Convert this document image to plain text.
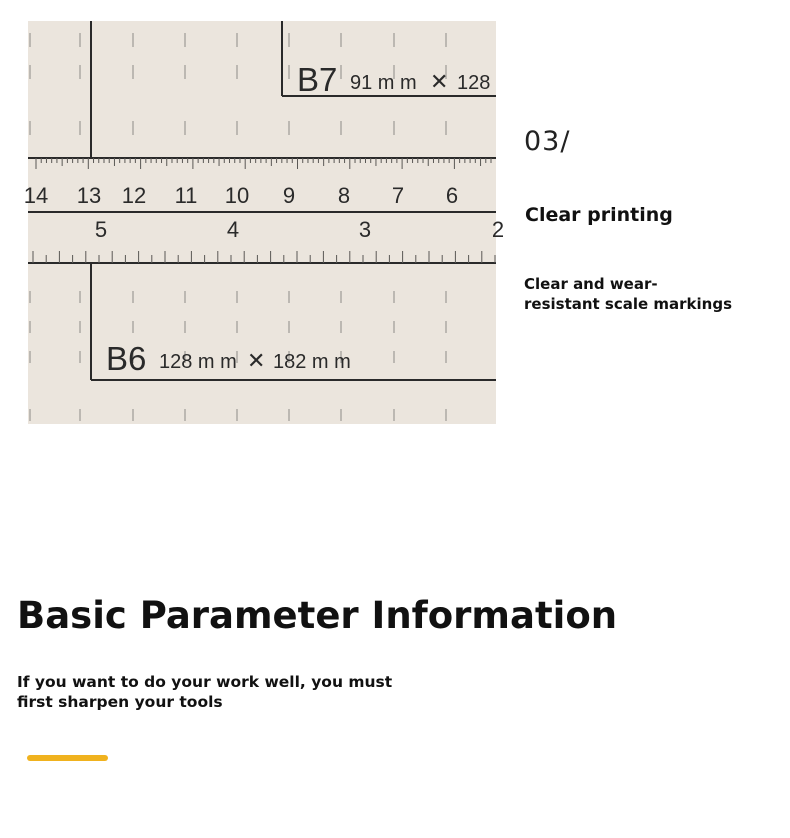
14 13 12 11 10 9 8 7 6
5	4	3	2
B7 91 m m ✕ 128
B6 128 m m ✕ 182 m m
03/
Clear printing
Clear and wear-
resistant scale markings
Basic Parameter Information
If you want to do your work well, you must
first sharpen your tools
